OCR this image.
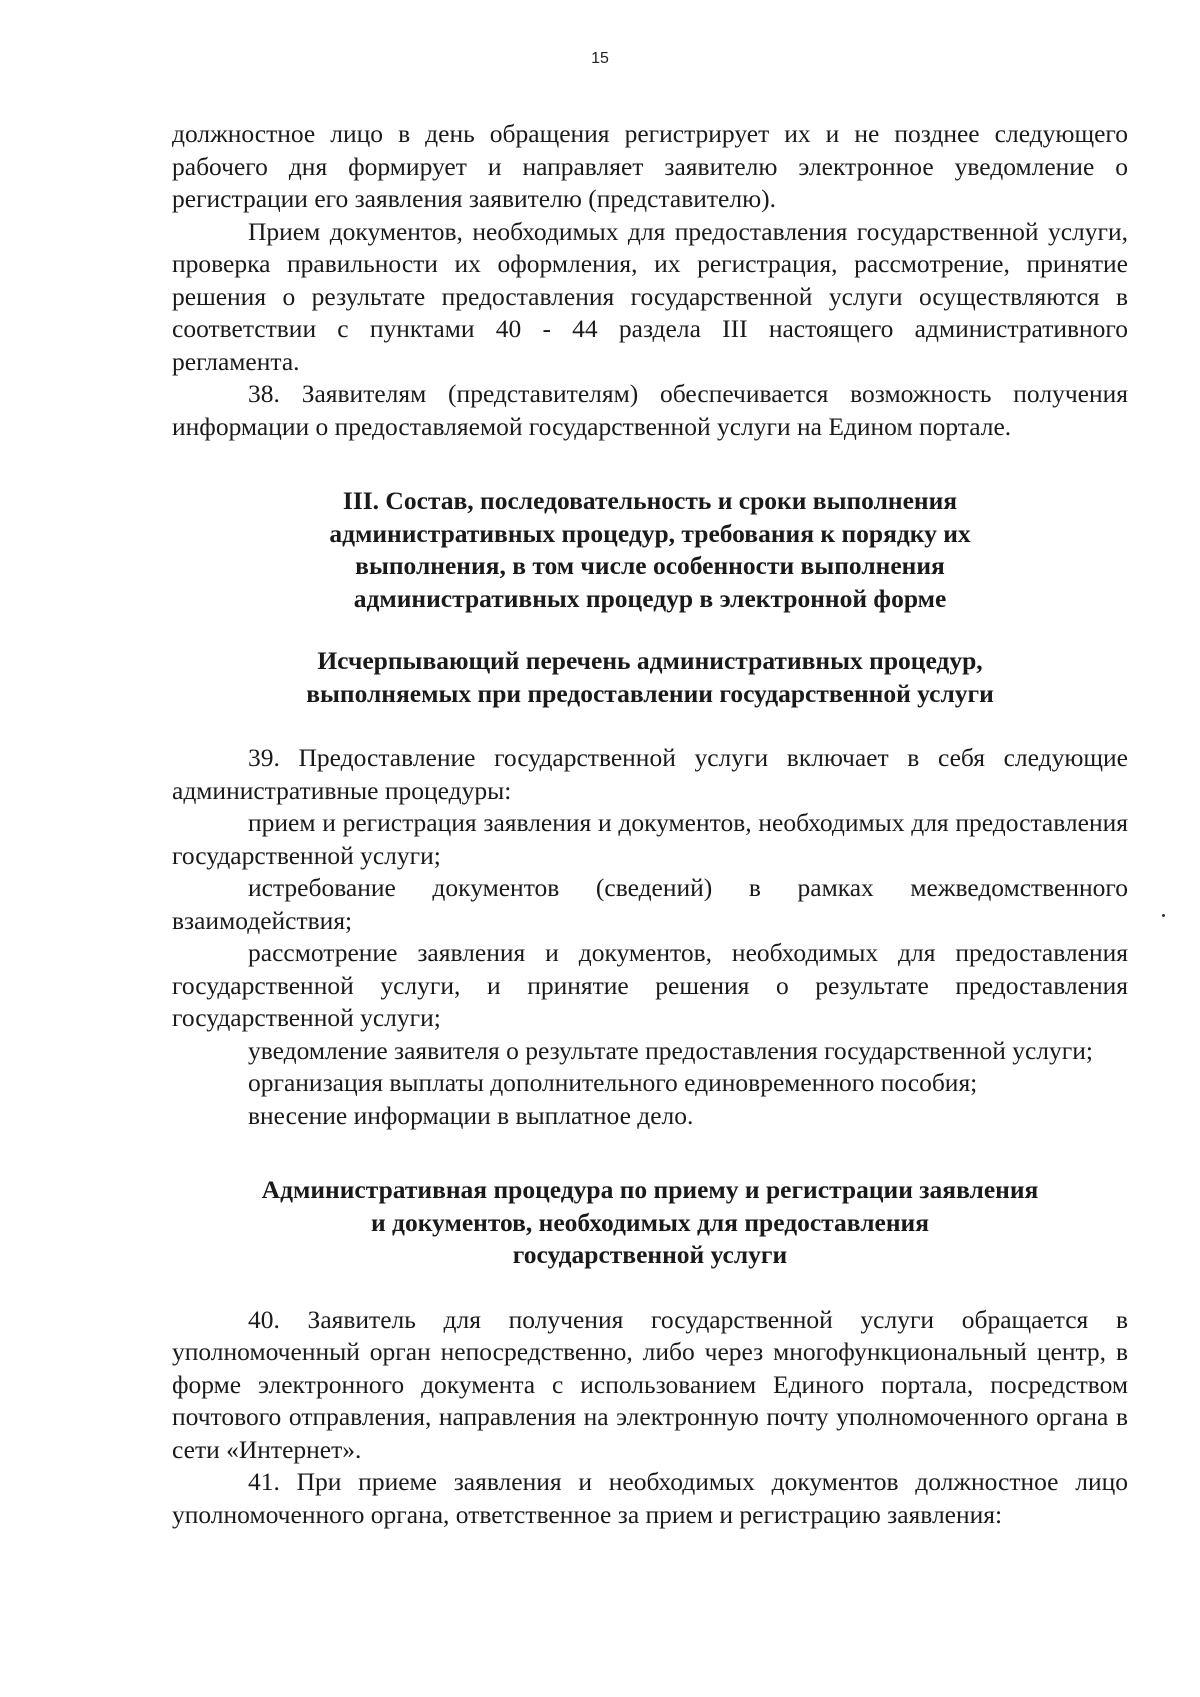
15

должностное лицо в день обращения регистрирует их и не позднее следующего рабочего дня формирует и направляет заявителю электронное уведомление о регистрации его заявления заявителю (представителю).

Прием документов, необходимых для предоставления государственной услуги, проверка правильности их оформления, их регистрация, рассмотрение, принятие решения о результате предоставления государственной услуги осуществляются в соответствии с пунктами 40 - 44 раздела III настоящего административного регламента.

38. Заявителям (представителям) обеспечивается возможность получения информации о предоставляемой государственной услуги на Едином портале.

III. Состав, последовательность и сроки выполнения
административных процедур, требования к порядку их
выполнения, в том числе особенности выполнения
административных процедур в электронной форме
Исчерпывающий перечень административных процедур,
выполняемых при предоставлении государственной услуги

39. Предоставление государственной услуги включает в себя следующие административные процедуры:

прием и регистрация заявления и документов, необходимых для предоставления государственной услуги;

истребование документов (сведений) в рамках межведомственного взаимодействия;

рассмотрение заявления и документов, необходимых для предоставления государственной услуги, и принятие решения о результате предоставления государственной услуги;

уведомление заявителя о результате предоставления государственной услуги;

организация выплаты дополнительного единовременного пособия;

внесение информации в выплатное дело.

Административная процедура по приему и регистрации заявления
и документов, необходимых для предоставления
государственной услуги

40. Заявитель для получения государственной услуги обращается в уполномоченный орган непосредственно, либо через многофункциональный центр, в форме электронного документа с использованием Единого портала, посредством почтового отправления, направления на электронную почту уполномоченного органа в сети «Интернет».

41. При приеме заявления и необходимых документов должностное лицо уполномоченного органа, ответственное за прием и регистрацию заявления:
